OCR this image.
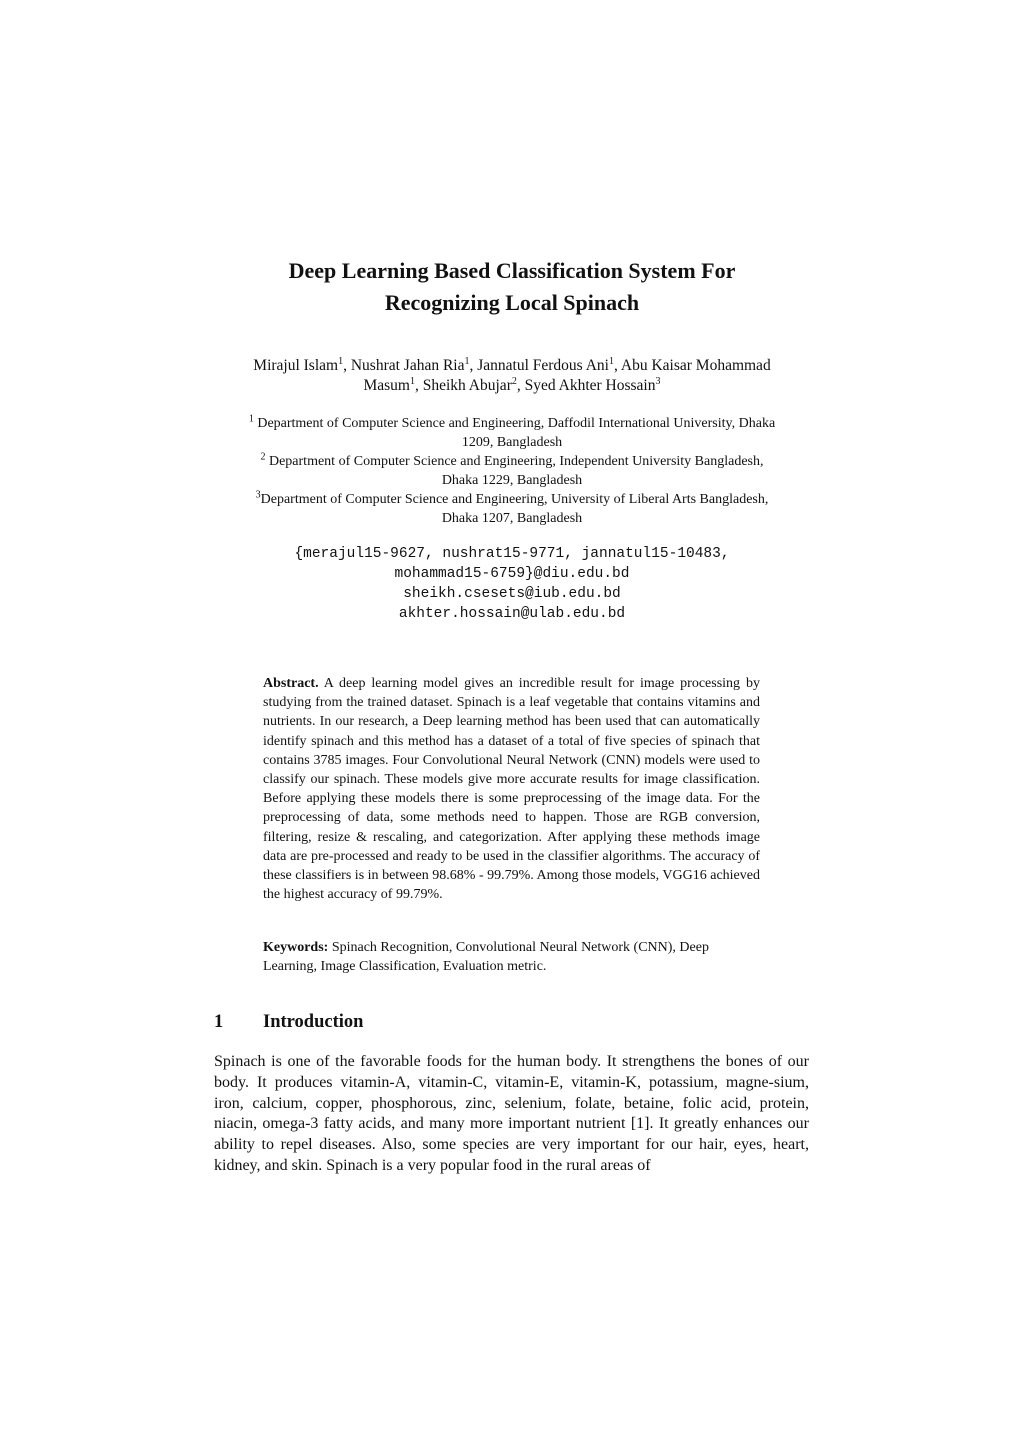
Deep Learning Based Classification System For
Recognizing Local Spinach
Mirajul Islam$^1$, Nushrat Jahan Ria$^1$, Jannatul Ferdous Ani$^1$, Abu Kaisar Mohammad
Masum$^1$, Sheikh Abujar$^2$, Syed Akhter Hossain$^3$
$^1$ Department of Computer Science and Engineering, Daffodil International University, Dhaka
1209, Bangladesh
$^2$ Department of Computer Science and Engineering, Independent University Bangladesh,
Dhaka 1229, Bangladesh
$^3$Department of Computer Science and Engineering, University of Liberal Arts Bangladesh,
Dhaka 1207, Bangladesh
{merajul15-9627, nushrat15-9771, jannatul15-10483,
mohammad15-6759}@diu.edu.bd
sheikh.csesets@iub.edu.bd
akhter.hossain@ulab.edu.bd
Abstract. A deep learning model gives an incredible result for image processing by studying from the trained dataset. Spinach is a leaf vegetable that contains vitamins and nutrients. In our research, a Deep learning method has been used that can automatically identify spinach and this method has a dataset of a total of five species of spinach that contains 3785 images. Four Convolutional Neural Network (CNN) models were used to classify our spinach. These models give more accurate results for image classification. Before applying these models there is some preprocessing of the image data. For the preprocessing of data, some methods need to happen. Those are RGB conversion, filtering, resize & rescaling, and categorization. After applying these methods image data are pre-processed and ready to be used in the classifier algorithms. The accuracy of these classifiers is in between 98.68% - 99.79%. Among those models, VGG16 achieved the highest accuracy of 99.79%.
Keywords: Spinach Recognition, Convolutional Neural Network (CNN), Deep Learning, Image Classification, Evaluation metric.
1 Introduction
Spinach is one of the favorable foods for the human body. It strengthens the bones of our body. It produces vitamin-A, vitamin-C, vitamin-E, vitamin-K, potassium, magne-sium, iron, calcium, copper, phosphorous, zinc, selenium, folate, betaine, folic acid, protein, niacin, omega-3 fatty acids, and many more important nutrient [1]. It greatly enhances our ability to repel diseases. Also, some species are very important for our hair, eyes, heart, kidney, and skin. Spinach is a very popular food in the rural areas of
